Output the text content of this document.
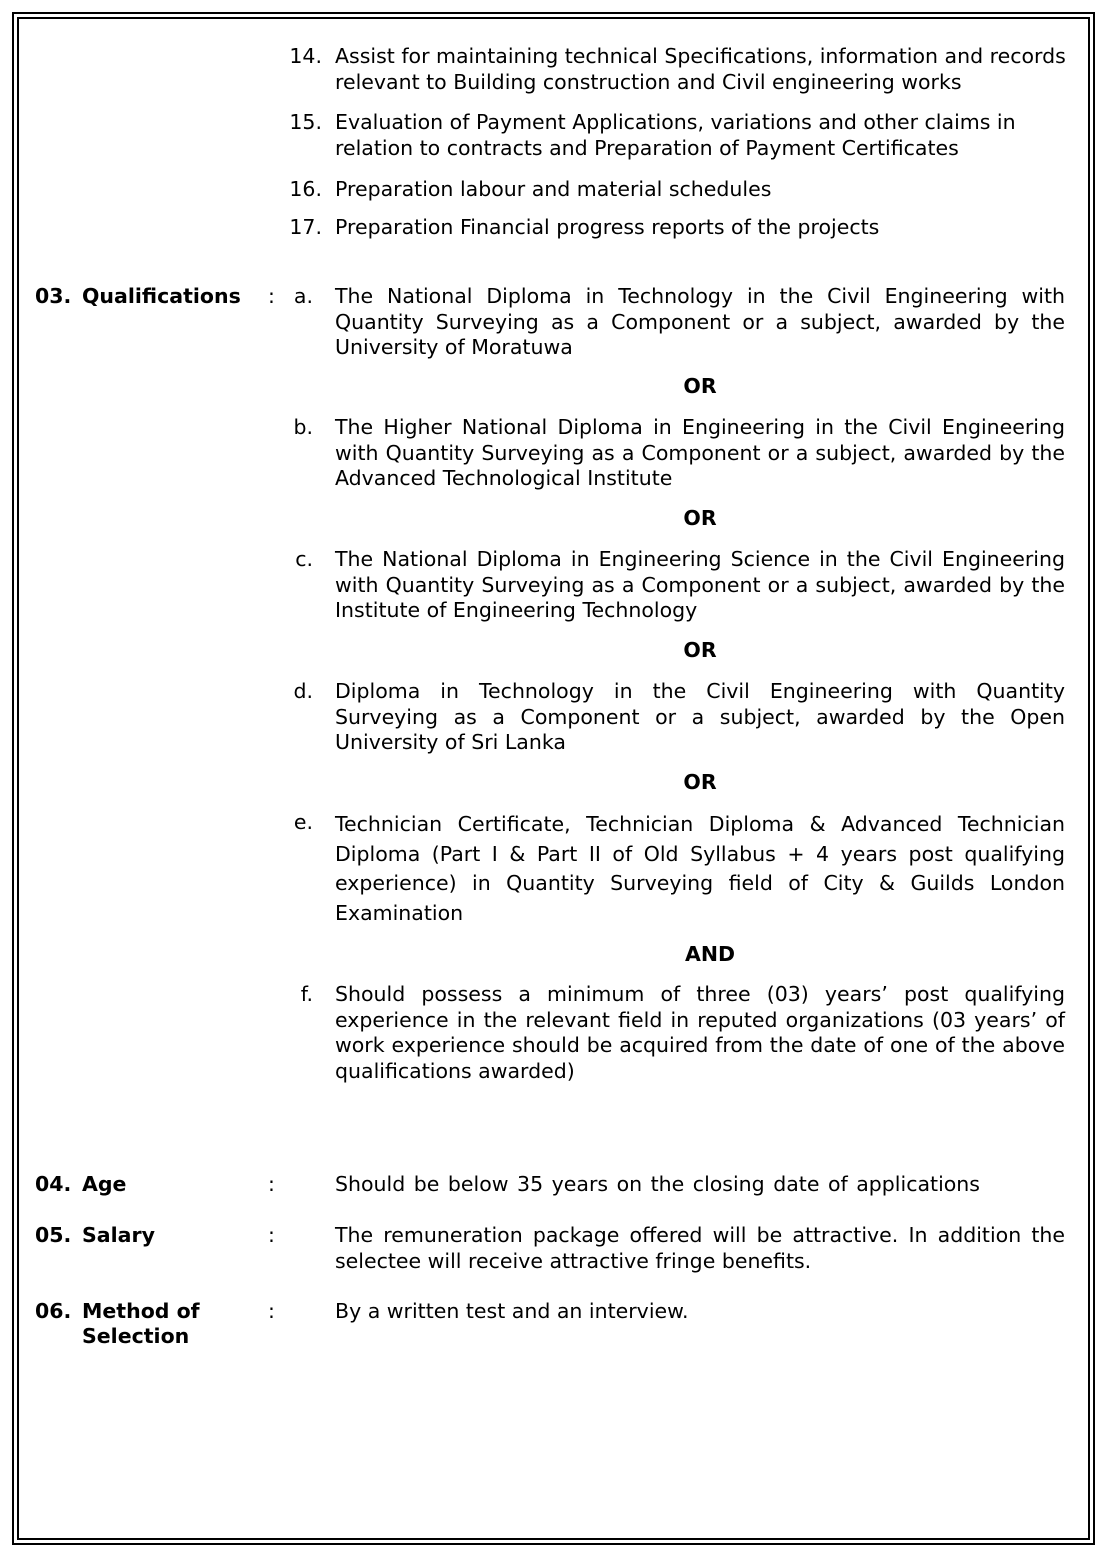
14. Assist for maintaining technical Specifications, information and records relevant to Building construction and Civil engineering works
15. Evaluation of Payment Applications, variations and other claims in relation to contracts and Preparation of Payment Certificates
16. Preparation labour and material schedules
17. Preparation Financial progress reports of the projects
03. Qualifications : a. The National Diploma in Technology in the Civil Engineering with Quantity Surveying as a Component or a subject, awarded by the University of Moratuwa
OR
b. The Higher National Diploma in Engineering in the Civil Engineering with Quantity Surveying as a Component or a subject, awarded by the Advanced Technological Institute
OR
c. The National Diploma in Engineering Science in the Civil Engineering with Quantity Surveying as a Component or a subject, awarded by the Institute of Engineering Technology
OR
d. Diploma in Technology in the Civil Engineering with Quantity Surveying as a Component or a subject, awarded by the Open University of Sri Lanka
OR
e. Technician Certificate, Technician Diploma & Advanced Technician Diploma (Part I & Part II of Old Syllabus + 4 years post qualifying experience) in Quantity Surveying field of City & Guilds London Examination
AND
f. Should possess a minimum of three (03) years’ post qualifying experience in the relevant field in reputed organizations (03 years’ of work experience should be acquired from the date of one of the above qualifications awarded)
04. Age	:	Should be below 35 years on the closing date of applications
05. Salary	:	The remuneration package offered will be attractive. In addition the selectee will receive attractive fringe benefits.
06. Method of
Selection
:	By a written test and an interview.
